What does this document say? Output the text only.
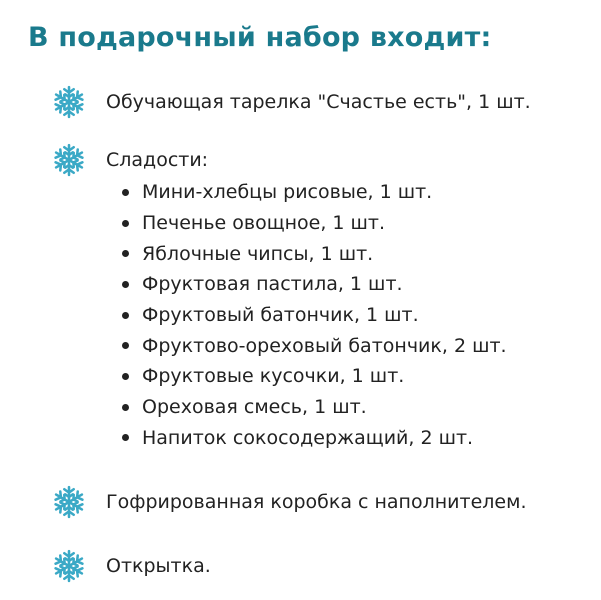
В подарочный набор входит:
Обучающая тарелка "Счастье есть", 1 шт.
Сладости:
Мини-хлебцы рисовые, 1 шт.
Печенье овощное, 1 шт.
Яблочные чипсы, 1 шт.
Фруктовая пастила, 1 шт.
Фруктовый батончик, 1 шт.
Фруктово-ореховый батончик, 2 шт.
Фруктовые кусочки, 1 шт.
Ореховая смесь, 1 шт.
Напиток сокосодержащий, 2 шт.
Гофрированная коробка с наполнителем.
Открытка.
